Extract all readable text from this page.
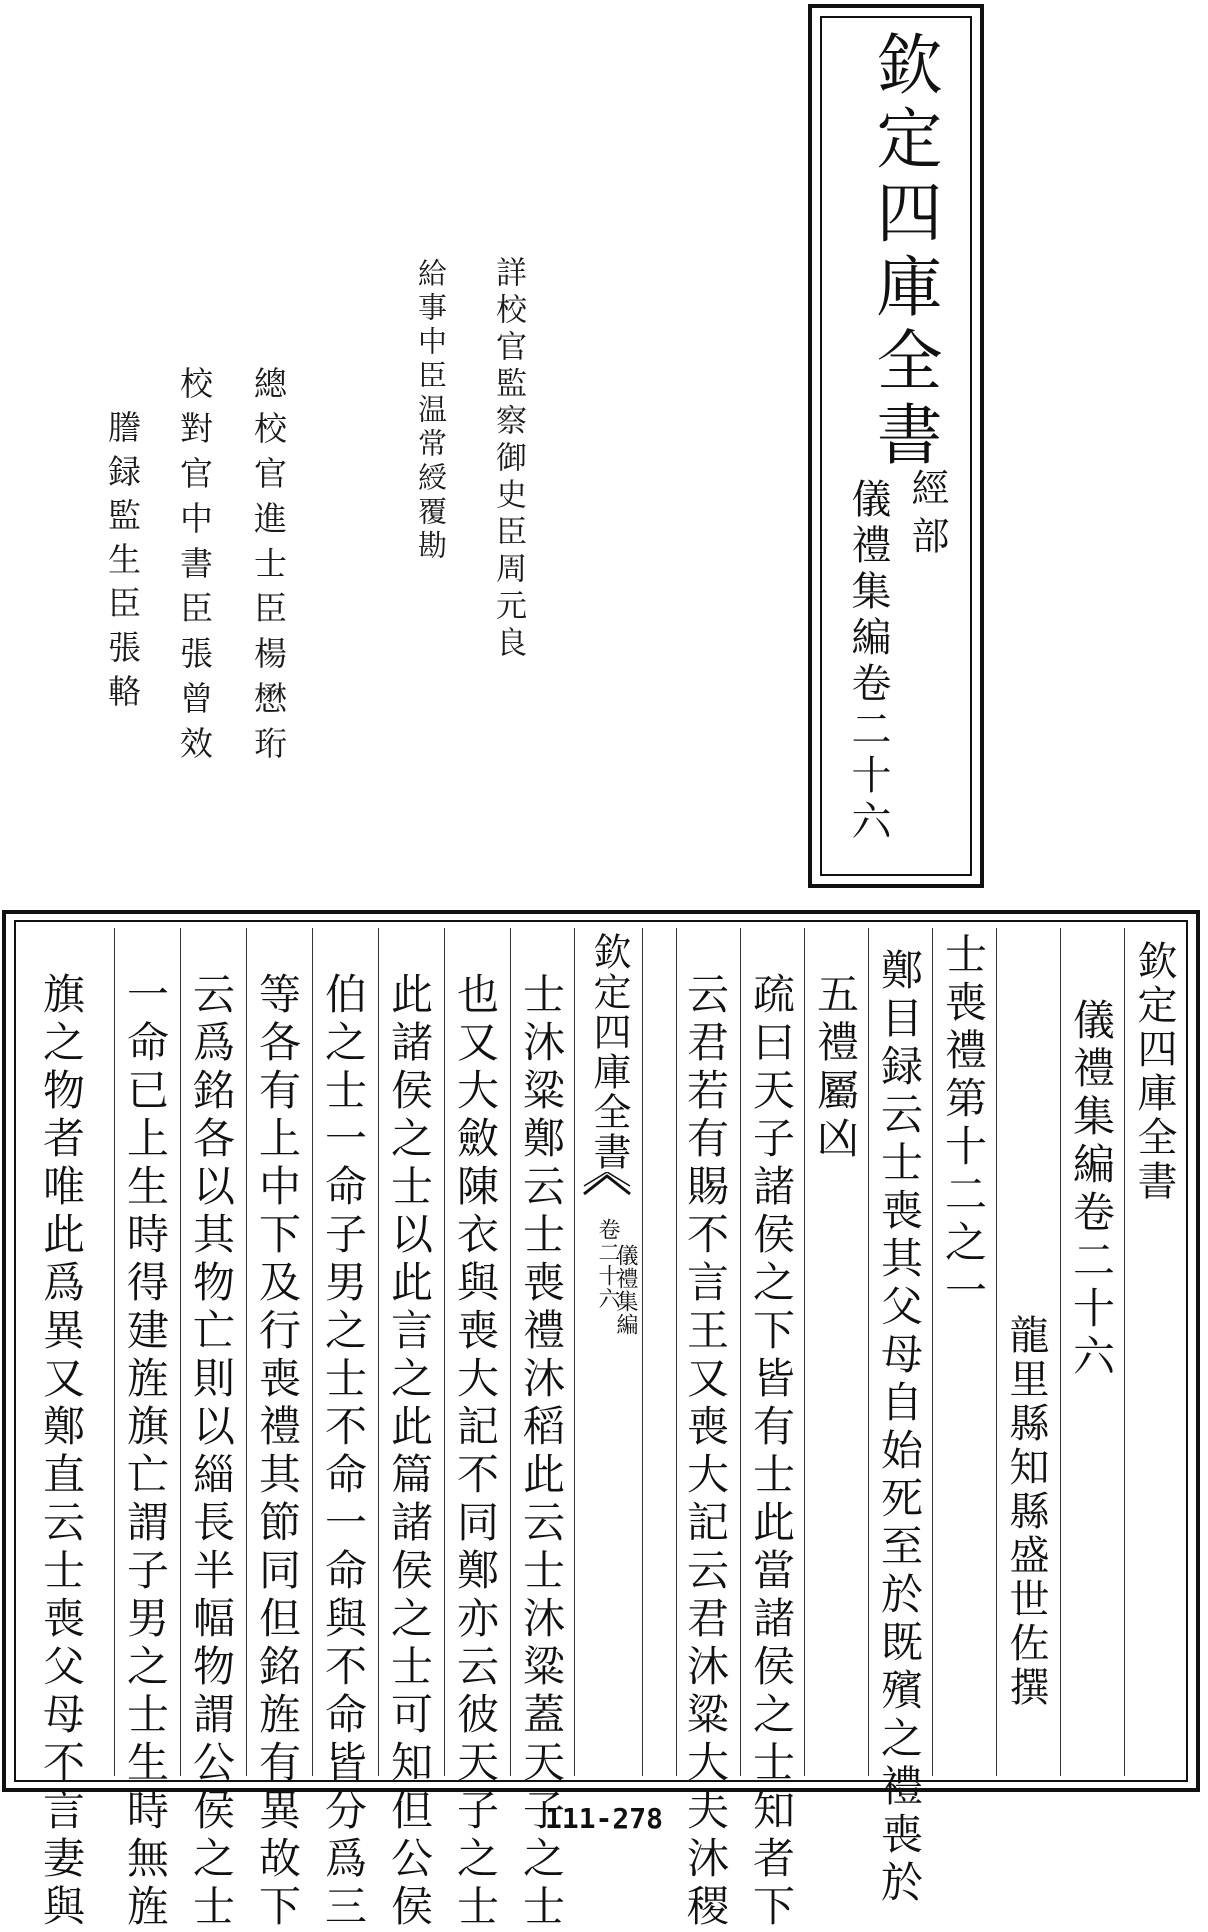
欽定四庫全書
經部
儀禮集編卷二十六
詳校官監察御史臣周元良
給事中臣温常綬覆勘
總校官進士臣楊懋珩
校對官中書臣張曾效
謄録監生臣張輅
欽定四庫全書
儀禮集編卷二十六
龍里縣知縣盛世佐撰
士喪禮第十二之一
鄭目録云士喪其父母自始死至於既殯之禮喪於
五禮屬凶
疏曰天子諸侯之下皆有士此當諸侯之士知者下
云君若有賜不言王又喪大記云君沐粱大夫沐稷
欽定四庫全書
儀禮集編
卷二十六
士沐粱鄭云士喪禮沐稻此云士沐粱蓋天子之士
也又大斂陳衣與喪大記不同鄭亦云彼天子之士
此諸侯之士以此言之此篇諸侯之士可知但公侯
伯之士一命子男之士不命一命與不命皆分爲三
等各有上中下及行喪禮其節同但銘旌有異故下
云爲銘各以其物亡則以緇長半幅物謂公侯之士
一命已上生時得建旌旗亡謂子男之士生時無旌
旗之物者唯此爲異又鄭直云士喪父母不言妻與	111-278
